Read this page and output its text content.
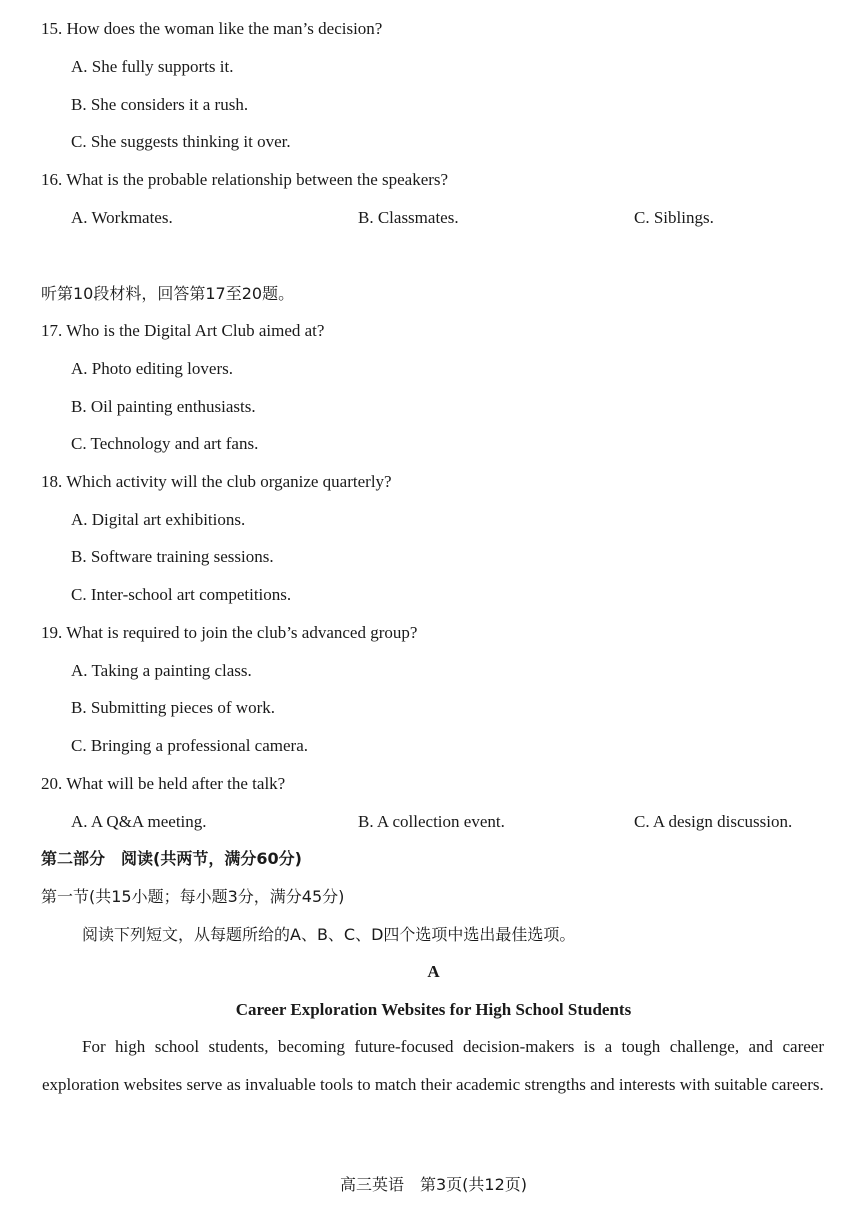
15. How does the woman like the man’s decision?
A. She fully supports it.
B. She considers it a rush.
C. She suggests thinking it over.
16. What is the probable relationship between the speakers?
A. Workmates.	B. Classmates.	C. Siblings.
听第10段材料，回答第17至20题。
17. Who is the Digital Art Club aimed at?
A. Photo editing lovers.
B. Oil painting enthusiasts.
C. Technology and art fans.
18. Which activity will the club organize quarterly?
A. Digital art exhibitions.
B. Software training sessions.
C. Inter-school art competitions.
19. What is required to join the club’s advanced group?
A. Taking a painting class.
B. Submitting pieces of work.
C. Bringing a professional camera.
20. What will be held after the talk?
A. A Q&A meeting.	B. A collection event.	C. A design discussion.
第二部分　阅读(共两节，满分60分)
第一节(共15小题；每小题3分，满分45分)
阅读下列短文，从每题所给的A、B、C、D四个选项中选出最佳选项。
A
Career Exploration Websites for High School Students
For high school students, becoming future-focused decision-makers is a tough challenge, and career exploration websites serve as invaluable tools to match their academic strengths and interests with suitable careers.
高三英语　第3页(共12页)
